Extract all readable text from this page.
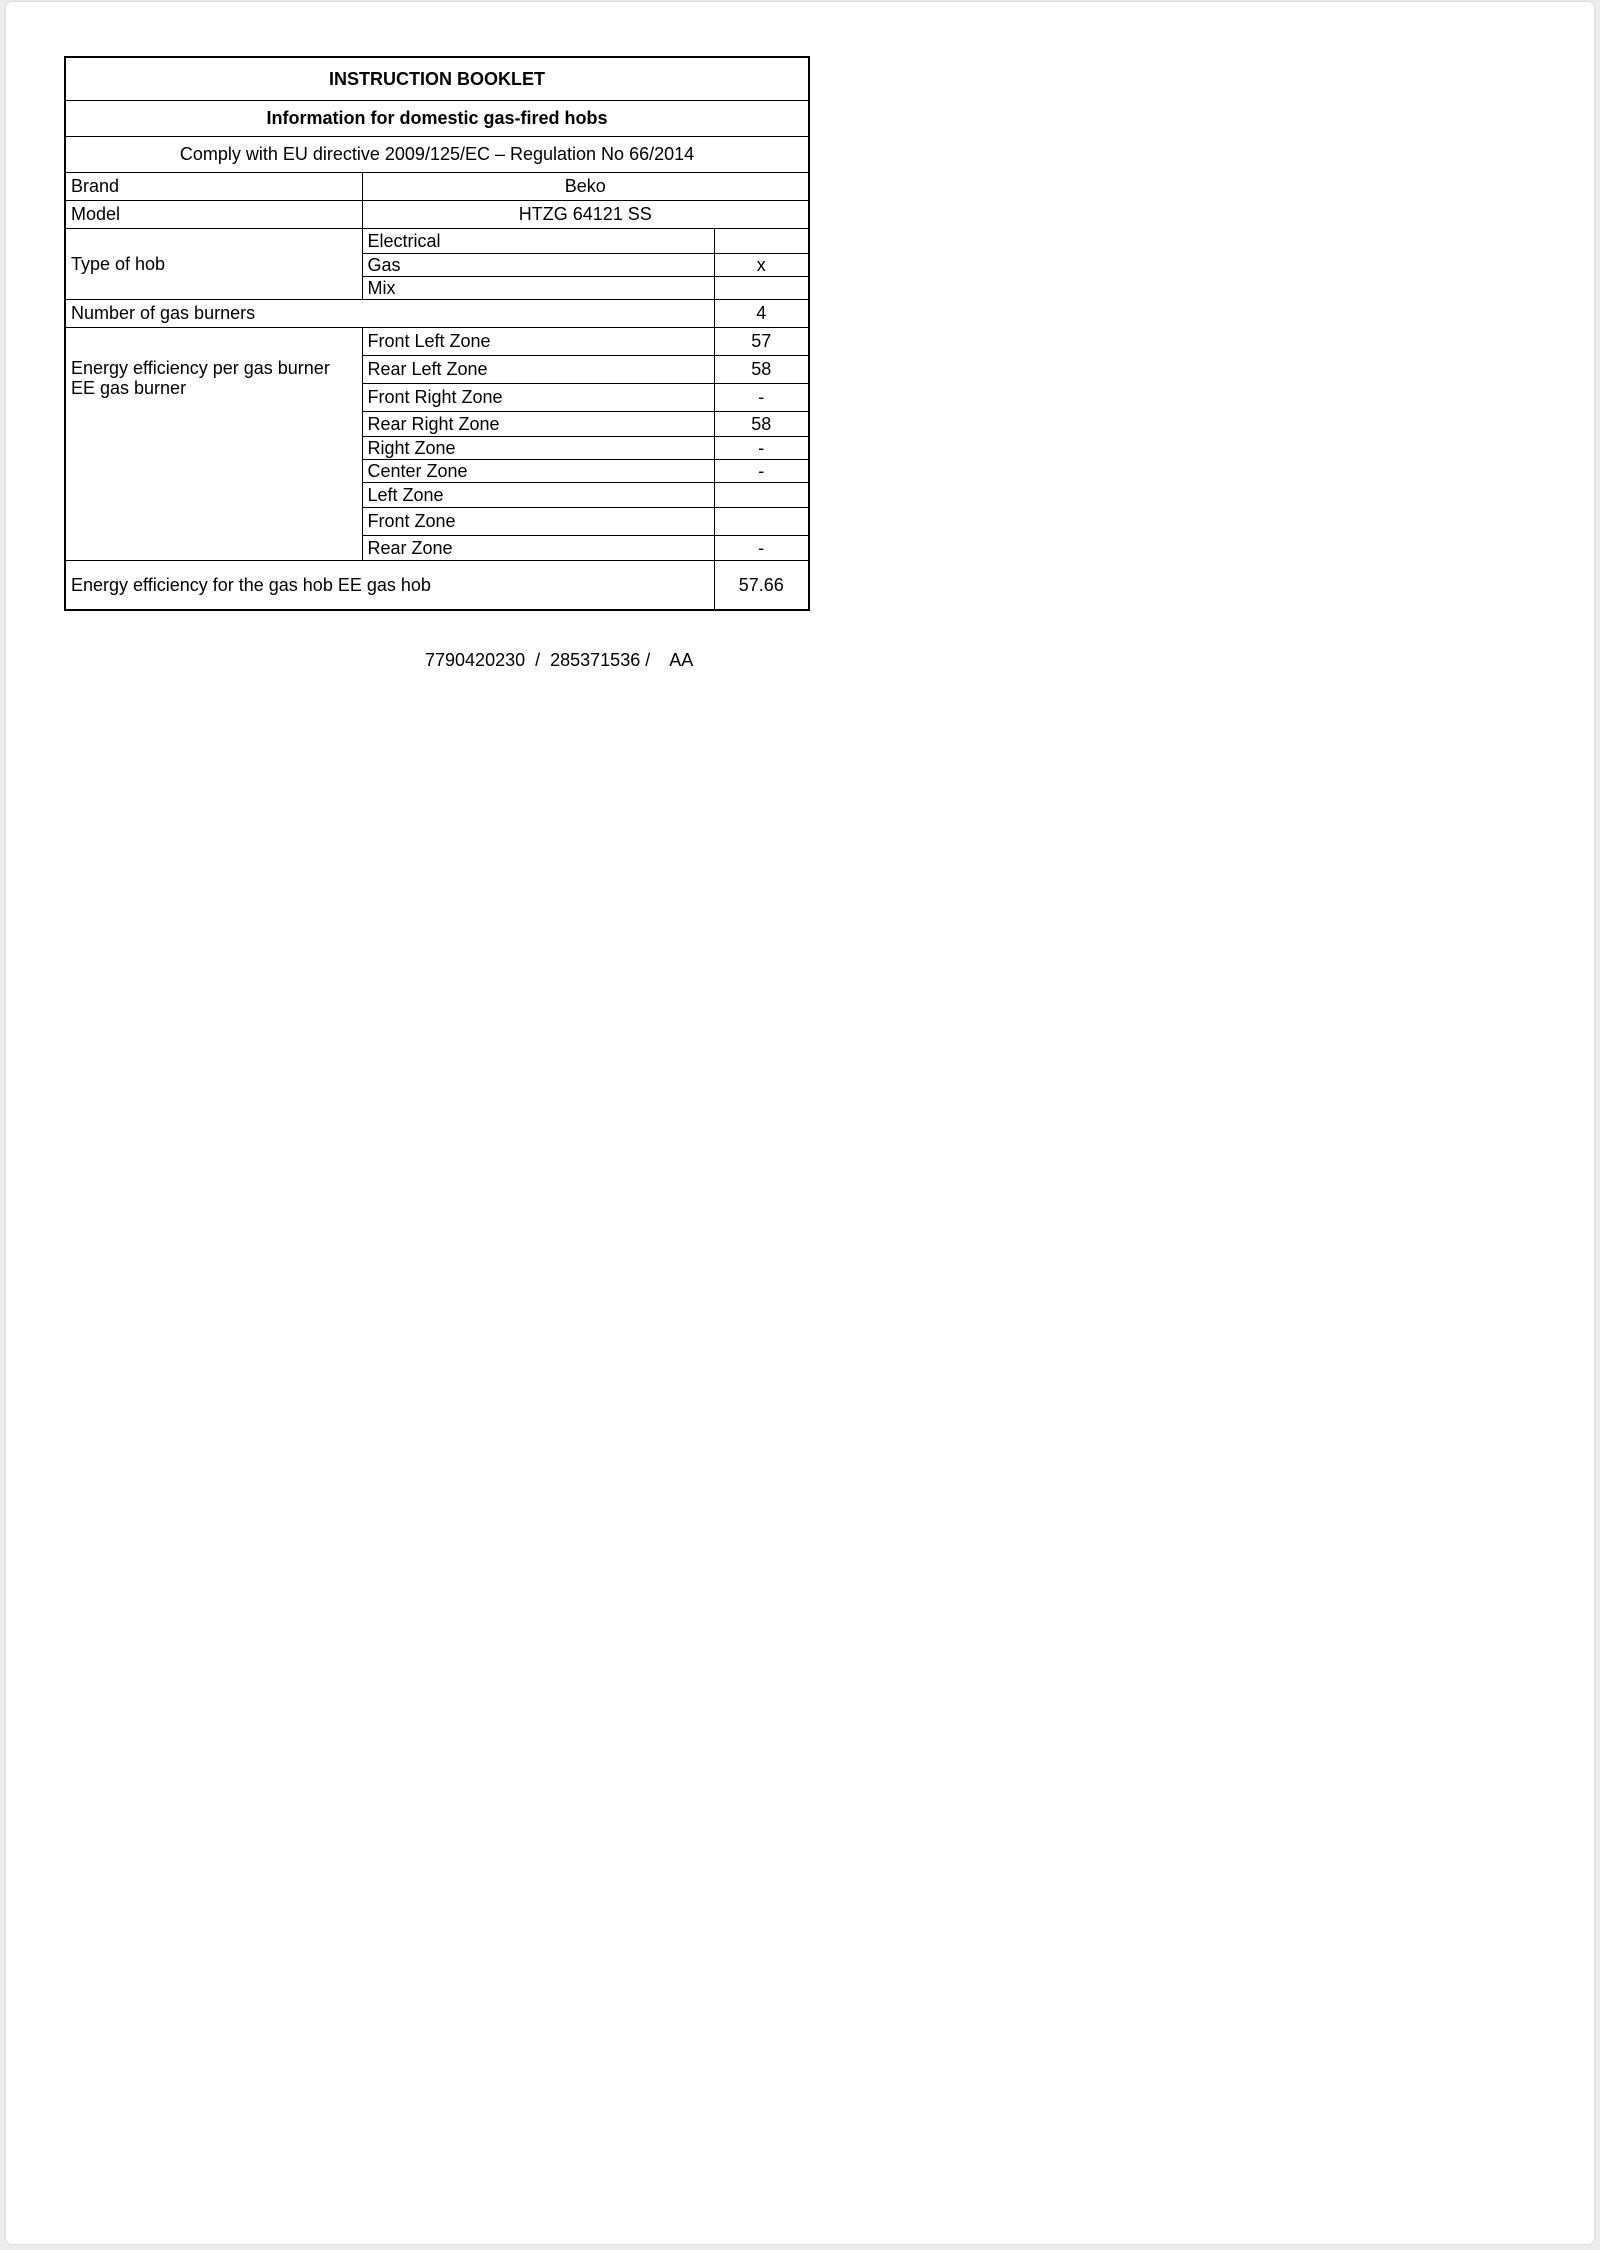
INSTRUCTION BOOKLET		
Information for domestic gas-fired hobs		
Comply with EU directive 2009/125/EC – Regulation No 66/2014		
Brand	Beko	
Model	HTZG 64121 SS	
Type of hob	Electrical	
	Gas	x
	Mix	
Number of gas burners		4

Energy efficiency per gas burner
EE gas burner	Front Left Zone	57
	Rear Left Zone	58
	Front Right Zone	-
	Rear Right Zone	58
	Right Zone	-
	Center Zone	-
	Left Zone	
	Front Zone	
	Rear Zone	-
Energy efficiency for the gas hob EE gas hob		57.66
7790420230  /  285371536 /    AA
